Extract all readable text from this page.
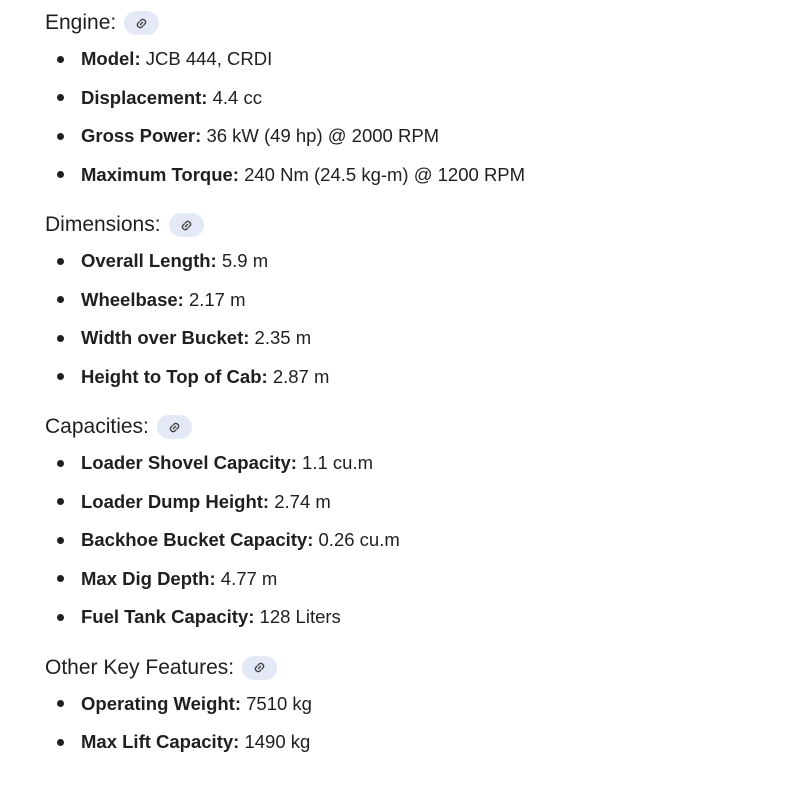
Engine:
Model:
JCB 444, CRDI
Displacement:
4.4 cc
Gross Power:
36 kW (49 hp) @ 2000 RPM
Maximum Torque:
240 Nm (24.5 kg-m) @ 1200 RPM
Dimensions:
Overall Length:
5.9 m
Wheelbase:
2.17 m
Width over Bucket:
2.35 m
Height to Top of Cab:
2.87 m
Capacities:
Loader Shovel Capacity:
1.1 cu.m
Loader Dump Height:
2.74 m
Backhoe Bucket Capacity:
0.26 cu.m
Max Dig Depth:
4.77 m
Fuel Tank Capacity:
128 Liters
Other Key Features:
Operating Weight:
7510 kg
Max Lift Capacity:
1490 kg
